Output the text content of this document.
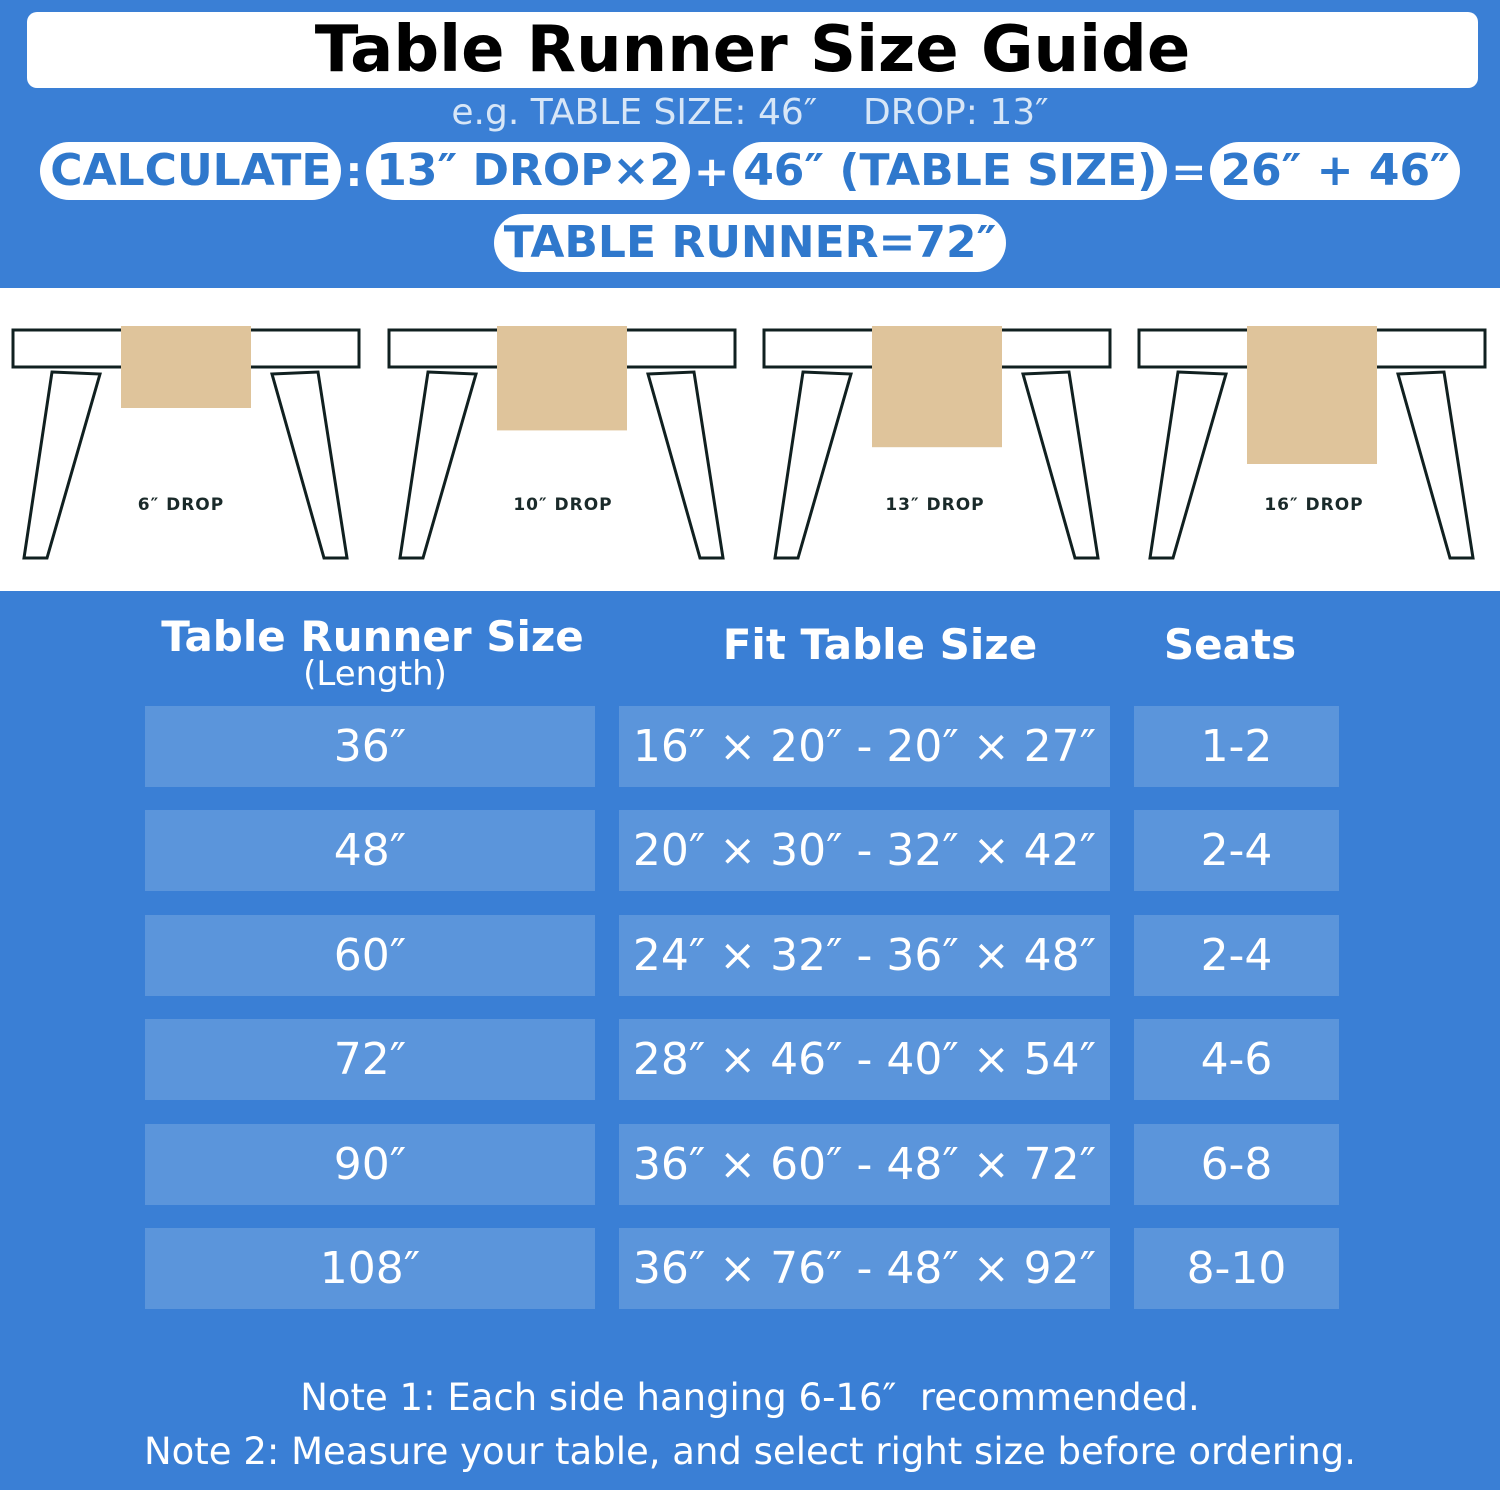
Table Runner Size Guide
e.g. TABLE SIZE: 46″    DROP: 13″
CALCULATE : 13″ DROP×2 + 46″ (TABLE SIZE) = 26″ + 46″
TABLE RUNNER=72″
6″ DROP	10″ DROP	13″ DROP	16″ DROP
Table Runner Size
(Length)
Fit Table Size	Seats
36″	16″ × 20″ - 20″ × 27″	1-2
48″	20″ × 30″ - 32″ × 42″	2-4
60″	24″ × 32″ - 36″ × 48″	2-4
72″	28″ × 46″ - 40″ × 54″	4-6
90″	36″ × 60″ - 48″ × 72″	6-8
108″	36″ × 76″ - 48″ × 92″	8-10
Note 1: Each side hanging 6-16″  recommended.
Note 2: Measure your table, and select right size before ordering.
